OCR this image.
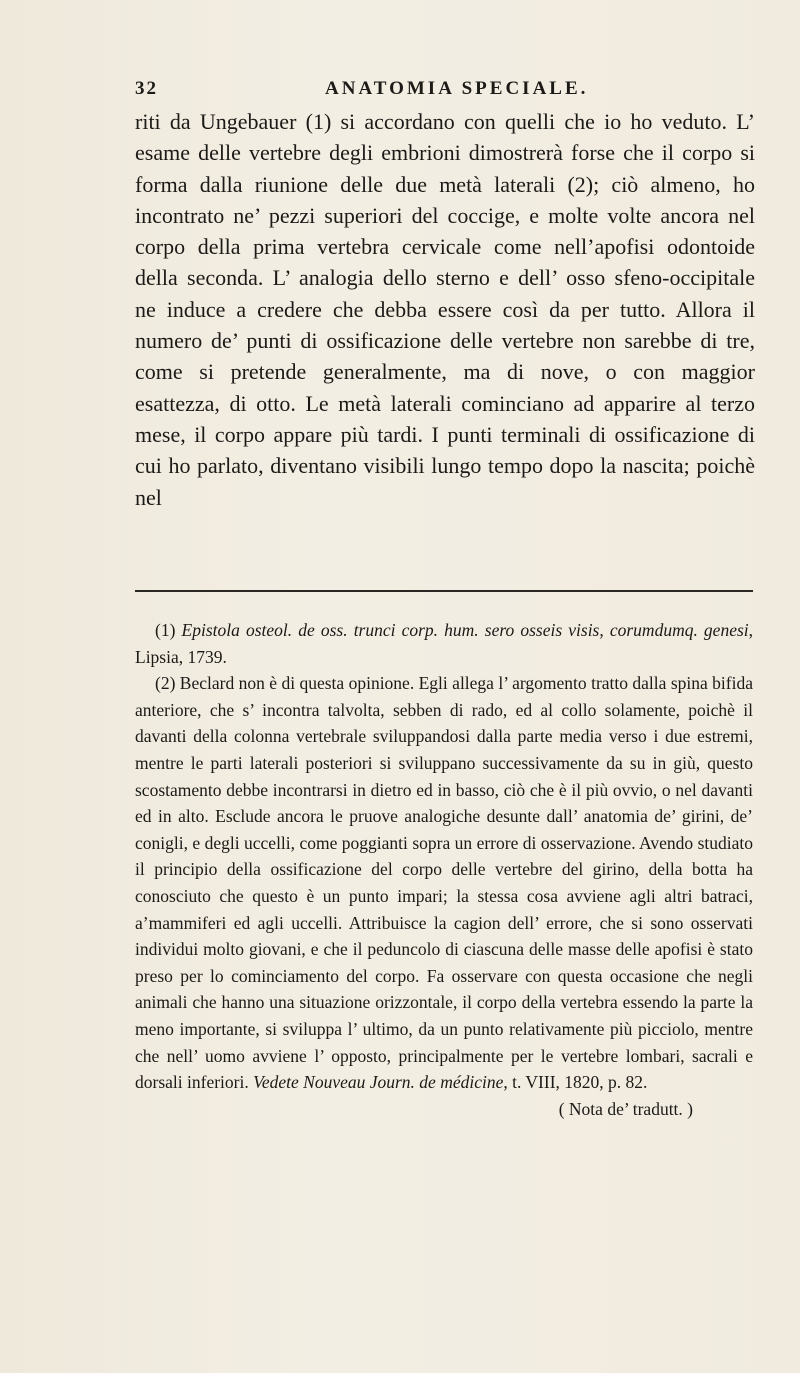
32	ANATOMIA SPECIALE.
riti da Ungebauer (1) si accordano con quelli che io ho veduto. L’ esame delle vertebre degli embrioni dimostrerà forse che il corpo si forma dalla riunione delle due metà laterali (2); ciò almeno, ho incontrato ne’ pezzi superiori del coccige, e molte volte ancora nel corpo della prima vertebra cervicale come nell’apofisi odontoide della seconda. L’ analogia dello sterno e dell’ osso sfeno-occipitale ne induce a credere che debba essere così da per tutto. Allora il numero de’ punti di ossificazione delle vertebre non sarebbe di tre, come si pretende generalmente, ma di nove, o con maggior esattezza, di otto. Le metà laterali cominciano ad apparire al terzo mese, il corpo appare più tardi. I punti terminali di ossificazione di cui ho parlato, diventano visibili lungo tempo dopo la nascita; poichè nel

(1) Epistola osteol. de oss. trunci corp. hum. sero osseis visis, corumdumq. genesi, Lipsia, 1739.

(2) Beclard non è di questa opinione. Egli allega l’ argomento tratto dalla spina bifida anteriore, che s’ incontra talvolta, sebben di rado, ed al collo solamente, poichè il davanti della colonna vertebrale sviluppandosi dalla parte media verso i due estremi, mentre le parti laterali posteriori si sviluppano successivamente da su in giù, questo scostamento debbe incontrarsi in dietro ed in basso, ciò che è il più ovvio, o nel davanti ed in alto. Esclude ancora le pruove analogiche desunte dall’ anatomia de’ girini, de’ conigli, e degli uccelli, come poggianti sopra un errore di osservazione. Avendo studiato il principio della ossificazione del corpo delle vertebre del girino, della botta ha conosciuto che questo è un punto impari; la stessa cosa avviene agli altri batraci, a’mammiferi ed agli uccelli. Attribuisce la cagion dell’ errore, che si sono osservati individui molto giovani, e che il peduncolo di ciascuna delle masse delle apofisi è stato preso per lo cominciamento del corpo. Fa osservare con questa occasione che negli animali che hanno una situazione orizzontale, il corpo della vertebra essendo la parte la meno importante, si sviluppa l’ ultimo, da un punto relativamente più picciolo, mentre che nell’ uomo avviene l’ opposto, principalmente per le vertebre lombari, sacrali e dorsali inferiori. Vedete Nouveau Journ. de médicine, t. VIII, 1820, p. 82.

( Nota de’ tradutt. )
